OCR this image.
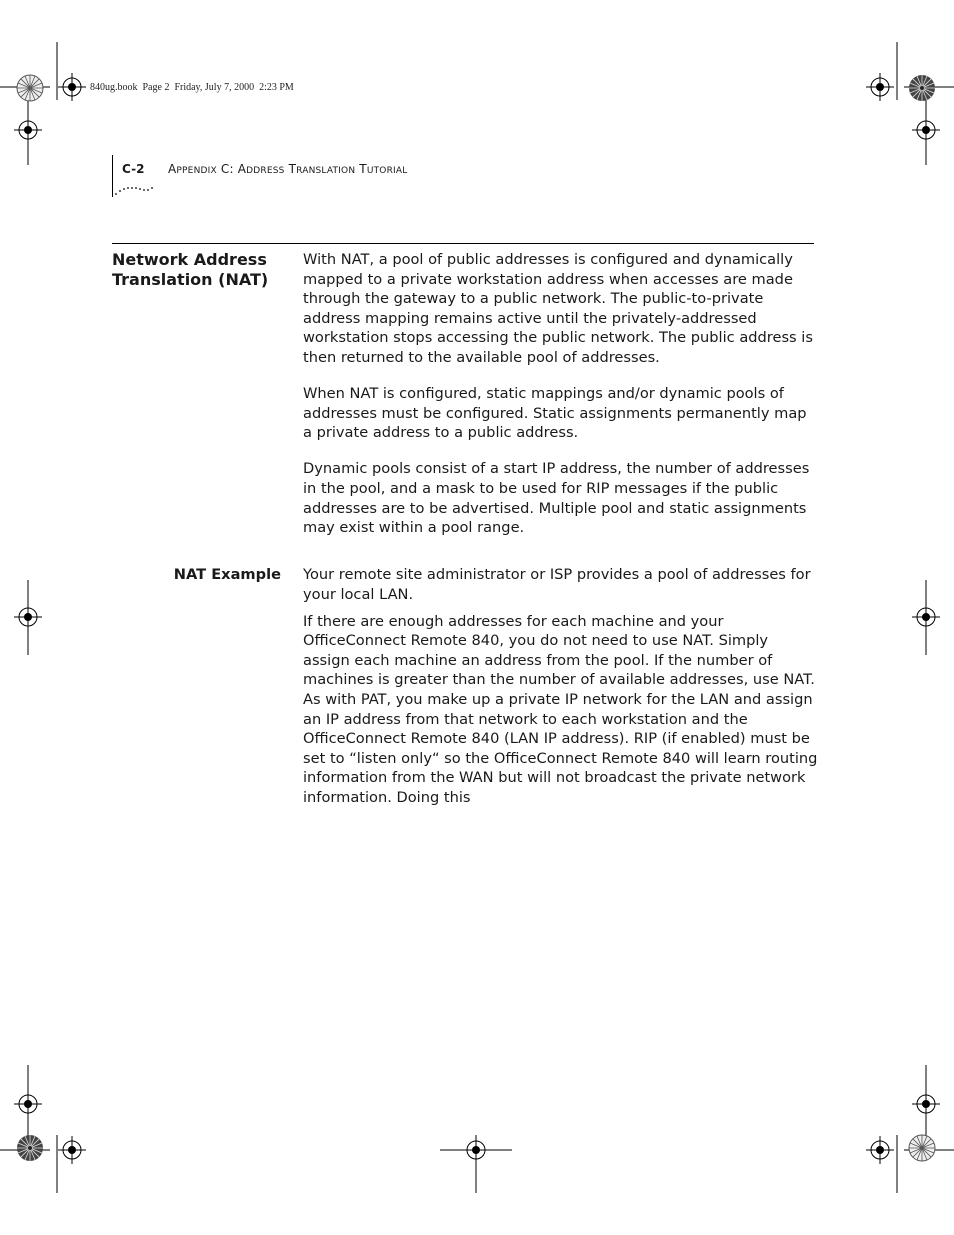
840ug.book  Page 2  Friday, July 7, 2000  2:23 PM
C-2 APPENDIX C: ADDRESS TRANSLATION TUTORIAL
Network Address Translation (NAT)

With NAT, a pool of public addresses is configured and dynamically mapped to a private workstation address when accesses are made through the gateway to a public network. The public-to-private address mapping remains active until the privately-addressed workstation stops accessing the public network. The public address is then returned to the available pool of addresses.

When NAT is configured, static mappings and/or dynamic pools of addresses must be configured. Static assignments permanently map a private address to a public address.

Dynamic pools consist of a start IP address, the number of addresses in the pool, and a mask to be used for RIP messages if the public addresses are to be advertised. Multiple pool and static assignments may exist within a pool range.

NAT Example Your remote site administrator or ISP provides a pool of addresses for your local LAN.

If there are enough addresses for each machine and your OfficeConnect Remote 840, you do not need to use NAT. Simply assign each machine an address from the pool. If the number of machines is greater than the number of available addresses, use NAT. As with PAT, you make up a private IP network for the LAN and assign an IP address from that network to each workstation and the OfficeConnect Remote 840 (LAN IP address). RIP (if enabled) must be set to “listen only“ so the OfficeConnect Remote 840 will learn routing information from the WAN but will not broadcast the private network information. Doing this
